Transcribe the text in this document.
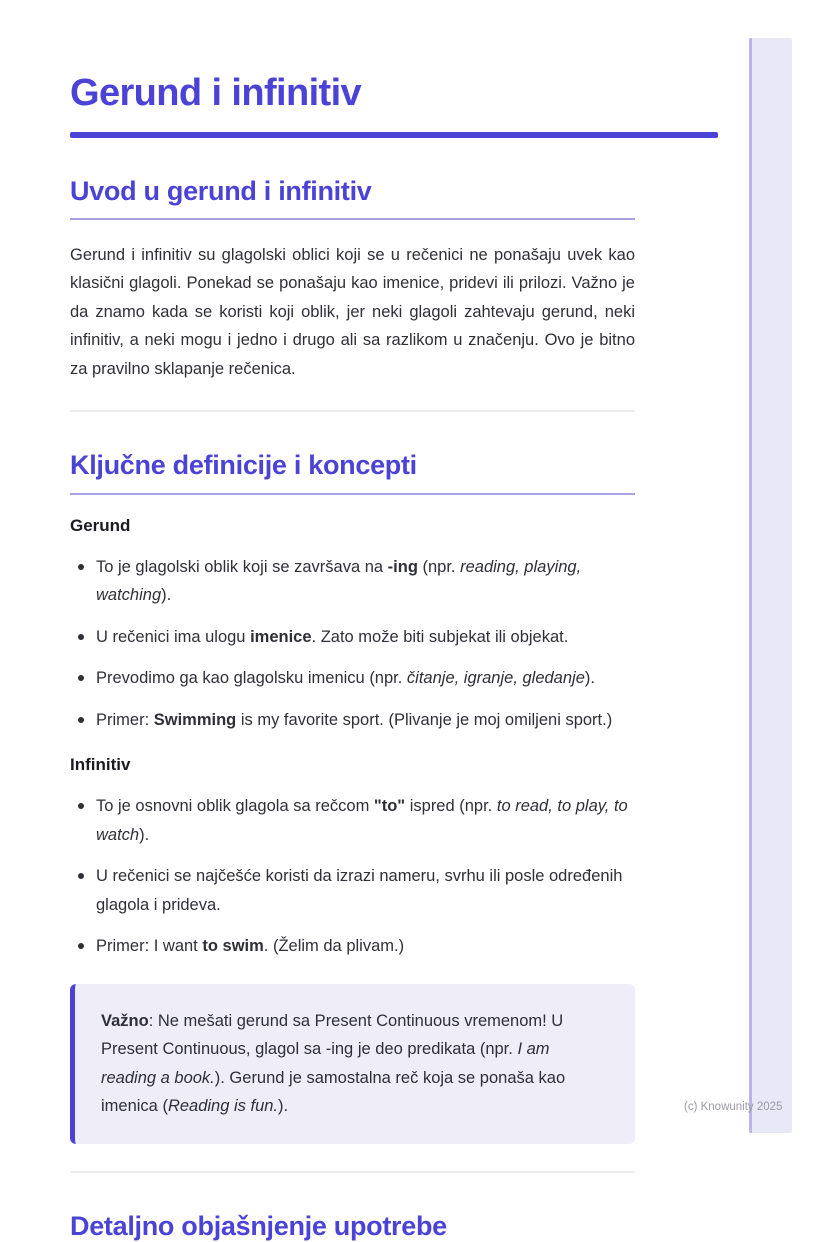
(c) Knowunity 2025
Gerund i infinitiv
Uvod u gerund i infinitiv

Gerund i infinitiv su glagolski oblici koji se u rečenici ne ponašaju uvek kao klasični glagoli. Ponekad se ponašaju kao imenice, pridevi ili prilozi. Važno je da znamo kada se koristi koji oblik, jer neki glagoli zahtevaju gerund, neki infinitiv, a neki mogu i jedno i drugo ali sa razlikom u značenju. Ovo je bitno za pravilno sklapanje rečenica.

Ključne definicije i koncepti
Gerund
To je glagolski oblik koji se završava na -ing (npr. reading, playing, watching).
U rečenici ima ulogu imenice. Zato može biti subjekat ili objekat.
Prevodimo ga kao glagolsku imenicu (npr. čitanje, igranje, gledanje).
Primer: Swimming is my favorite sport. (Plivanje je moj omiljeni sport.)
Infinitiv
To je osnovni oblik glagola sa rečcom "to" ispred (npr. to read, to play, to watch).
U rečenici se najčešće koristi da izrazi nameru, svrhu ili posle određenih glagola i prideva.
Primer: I want to swim. (Želim da plivam.)
Važno: Ne mešati gerund sa Present Continuous vremenom! U Present Continuous, glagol sa -ing je deo predikata (npr. I am reading a book.). Gerund je samostalna reč koja se ponaša kao imenica (Reading is fun.).
Detaljno objašnjenje upotrebe
